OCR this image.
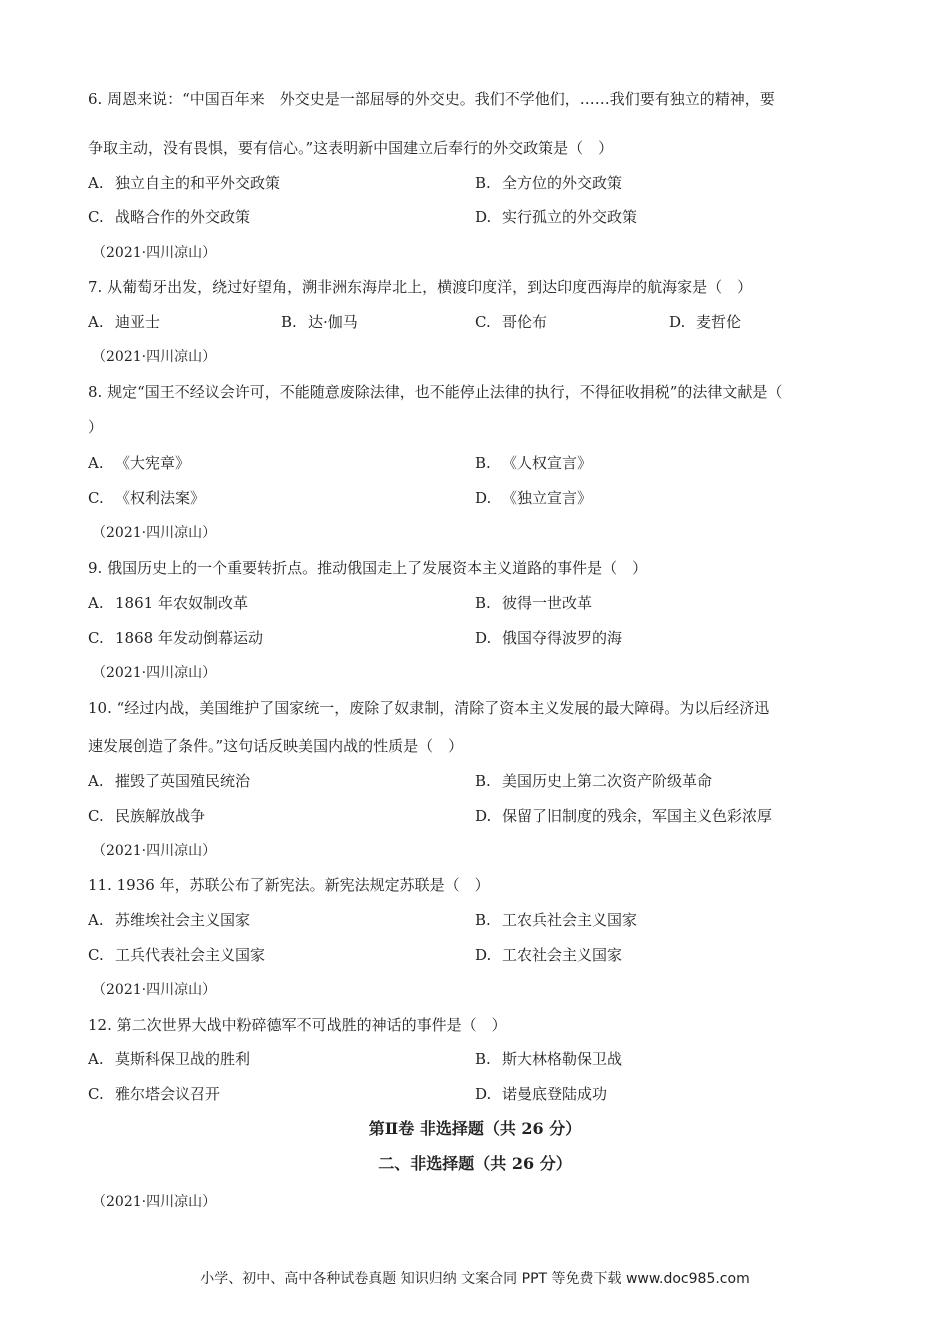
6. 周恩来说：“中国百年来　外交史是一部屈辱的外交史。我们不学他们，……我们要有独立的精神，要
争取主动，没有畏惧，要有信心。”这表明新中国建立后奉行的外交政策是（　）
A. 独立自主的和平外交政策	B. 全方位的外交政策
C. 战略合作的外交政策	D. 实行孤立的外交政策
（2021·四川凉山）
7. 从葡萄牙出发，绕过好望角，溯非洲东海岸北上，横渡印度洋，到达印度西海岸的航海家是（　）
A. 迪亚士	B. 达·伽马	C. 哥伦布	D. 麦哲伦
（2021·四川凉山）
8. 规定“国王不经议会许可，不能随意废除法律，也不能停止法律的执行，不得征收捐税”的法律文献是（
）
A. 《大宪章》	B. 《人权宣言》
C. 《权利法案》	D. 《独立宣言》
（2021·四川凉山）
9. 俄国历史上的一个重要转折点。推动俄国走上了发展资本主义道路的事件是（　）
A. 1861 年农奴制改革	B. 彼得一世改革
C. 1868 年发动倒幕运动	D. 俄国夺得波罗的海
（2021·四川凉山）
10. “经过内战，美国维护了国家统一，废除了奴隶制，清除了资本主义发展的最大障碍。为以后经济迅
速发展创造了条件。”这句话反映美国内战的性质是（　）
A. 摧毁了英国殖民统治	B. 美国历史上第二次资产阶级革命
C. 民族解放战争	D. 保留了旧制度的残余，军国主义色彩浓厚
（2021·四川凉山）
11. 1936 年，苏联公布了新宪法。新宪法规定苏联是（　）
A. 苏维埃社会主义国家	B. 工农兵社会主义国家
C. 工兵代表社会主义国家	D. 工农社会主义国家
（2021·四川凉山）
12. 第二次世界大战中粉碎德军不可战胜的神话的事件是（　）
A. 莫斯科保卫战的胜利	B. 斯大林格勒保卫战
C. 雅尔塔会议召开	D. 诺曼底登陆成功
第Ⅱ卷 非选择题（共 26 分）
二、非选择题（共 26 分）
（2021·四川凉山）
小学、初中、高中各种试卷真题 知识归纳 文案合同 PPT 等免费下载 www.doc985.com
